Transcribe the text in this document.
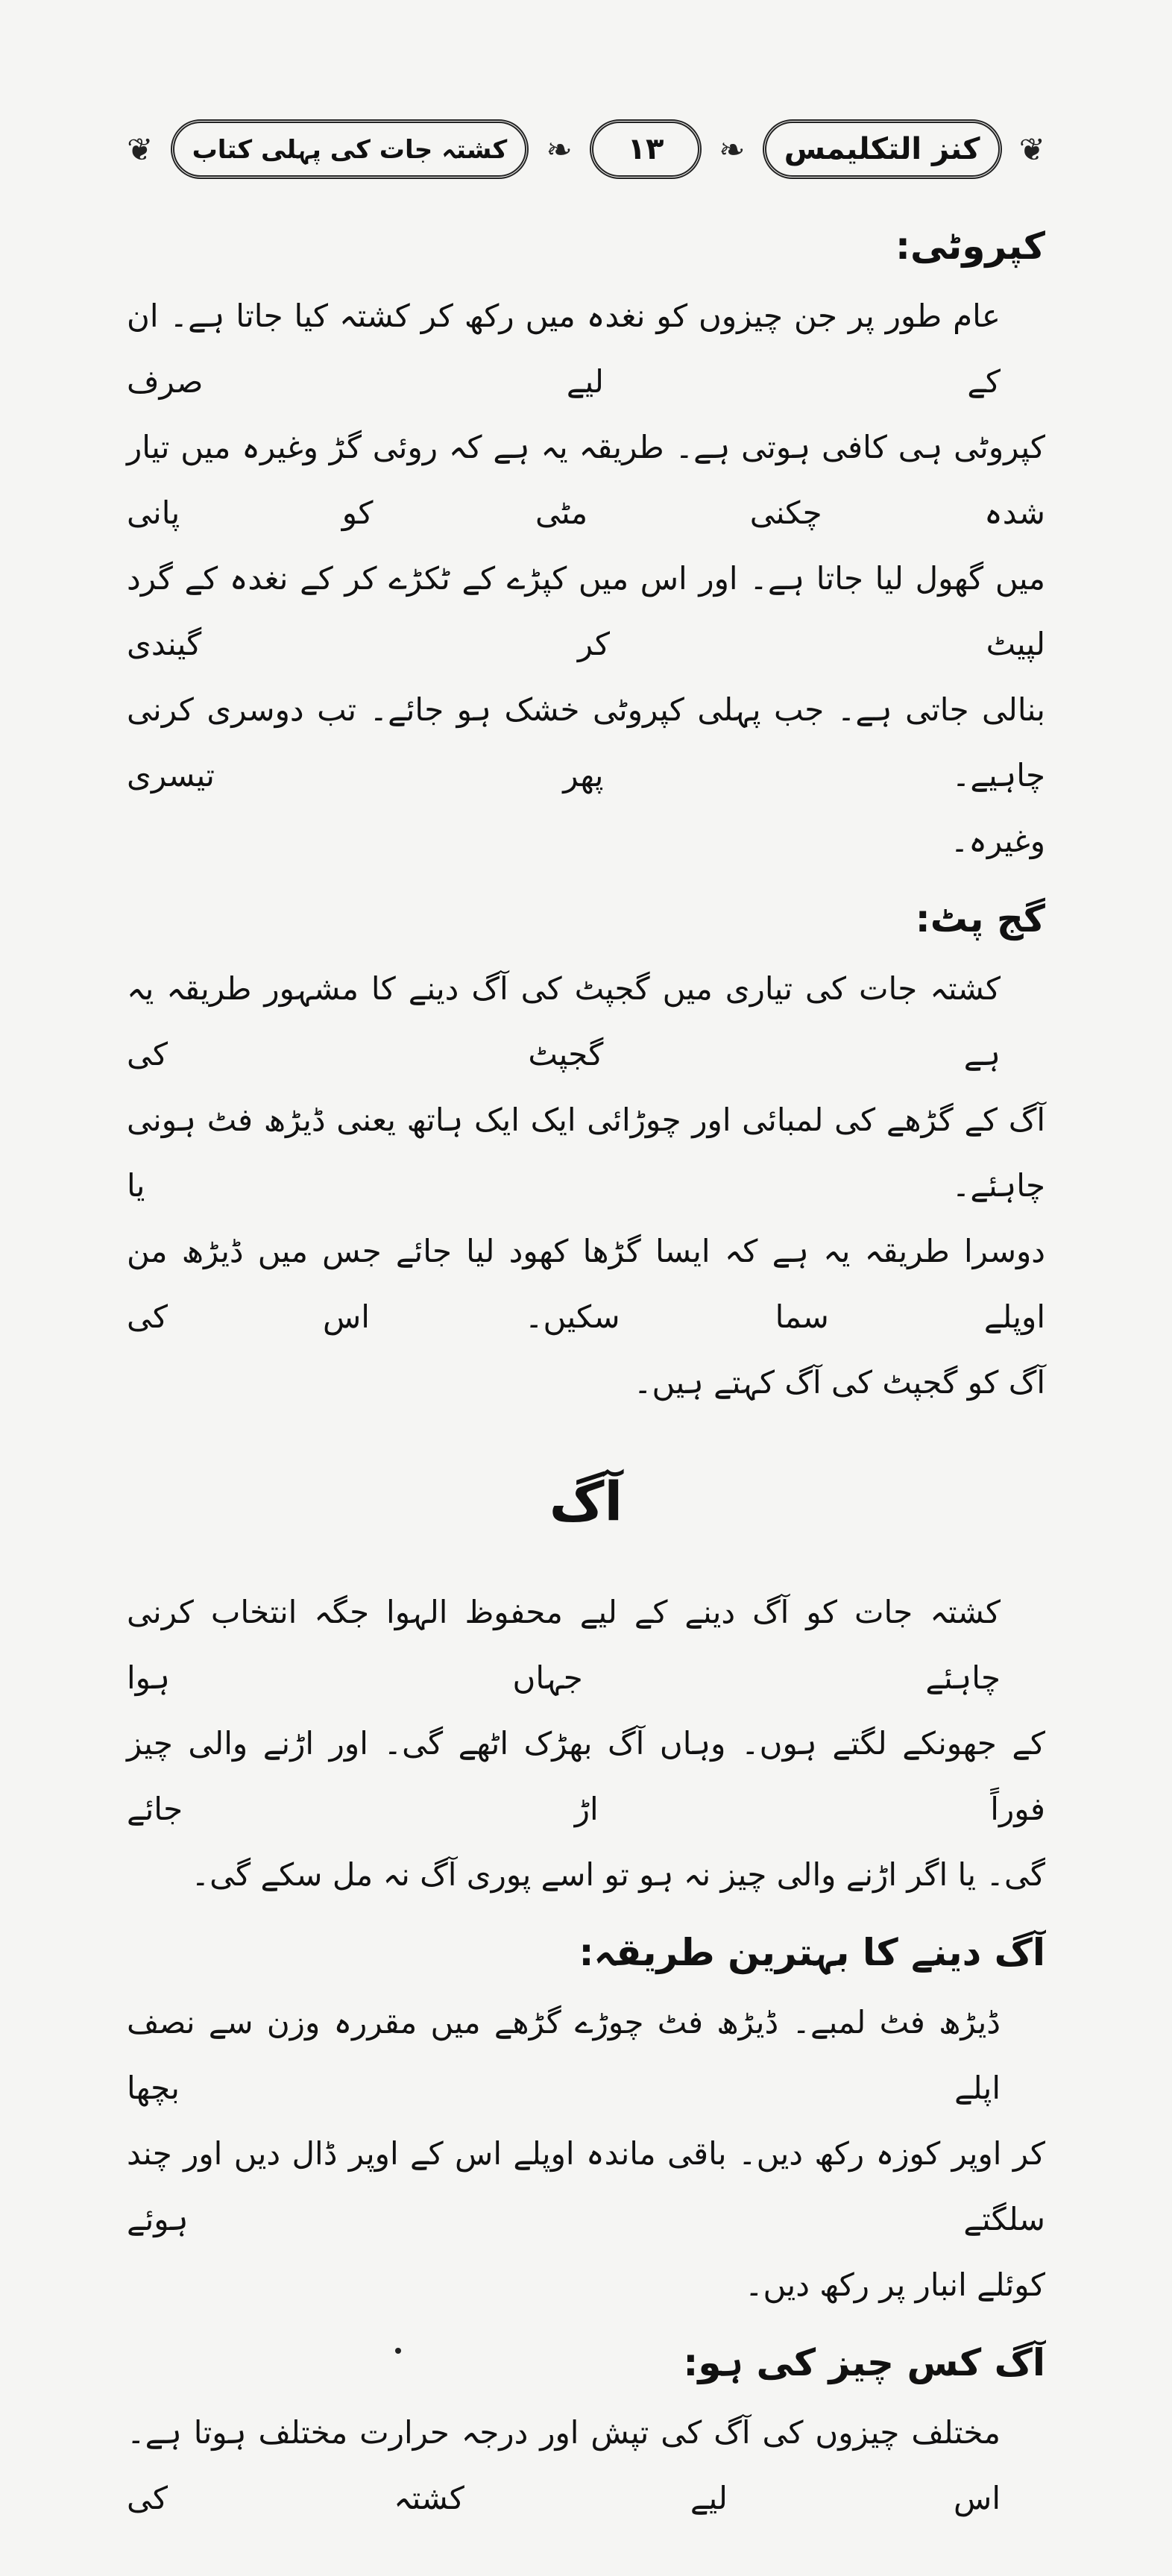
❦
کنز التکلیمس
❧
۱۳
❧
کشتہ جات کی پہلی کتاب
❦
کپروٹی:
عام طور پر جن چیزوں کو نغدہ میں رکھ کر کشتہ کیا جاتا ہے۔ ان کے لیے صرف
کپروٹی ہی کافی ہوتی ہے۔ طریقہ یہ ہے کہ روئی گڑ وغیرہ میں تیار شدہ چکنی مٹی کو پانی
میں گھول لیا جاتا ہے۔ اور اس میں کپڑے کے ٹکڑے کر کے نغدہ کے گرد لپیٹ کر گیندی
بنالی جاتی ہے۔ جب پہلی کپروٹی خشک ہو جائے۔ تب دوسری کرنی چاہیے۔ پھر تیسری
وغیرہ۔
گج پٹ:
کشتہ جات کی تیاری میں گجپٹ کی آگ دینے کا مشہور طریقہ یہ ہے گجپٹ کی
آگ کے گڑھے کی لمبائی اور چوڑائی ایک ایک ہاتھ یعنی ڈیڑھ فٹ ہونی چاہئے۔ یا
دوسرا طریقہ یہ ہے کہ ایسا گڑھا کھود لیا جائے جس میں ڈیڑھ من اوپلے سما سکیں۔ اس کی
آگ کو گجپٹ کی آگ کہتے ہیں۔
آگ
کشتہ جات کو آگ دینے کے لیے محفوظ الہوا جگہ انتخاب کرنی چاہئے جہاں ہوا
کے جھونکے لگتے ہوں۔ وہاں آگ بھڑک اٹھے گی۔ اور اڑنے والی چیز فوراً اڑ جائے
گی۔ یا اگر اڑنے والی چیز نہ ہو تو اسے پوری آگ نہ مل سکے گی۔
آگ دینے کا بہترین طریقہ:
ڈیڑھ فٹ لمبے۔ ڈیڑھ فٹ چوڑے گڑھے میں مقررہ وزن سے نصف اپلے بچھا
کر اوپر کوزہ رکھ دیں۔ باقی ماندہ اوپلے اس کے اوپر ڈال دیں اور چند سلگتے ہوئے
کوئلے انبار پر رکھ دیں۔
آگ کس چیز کی ہو:
مختلف چیزوں کی آگ کی تپش اور درجہ حرارت مختلف ہوتا ہے۔ اس لیے کشتہ کی
